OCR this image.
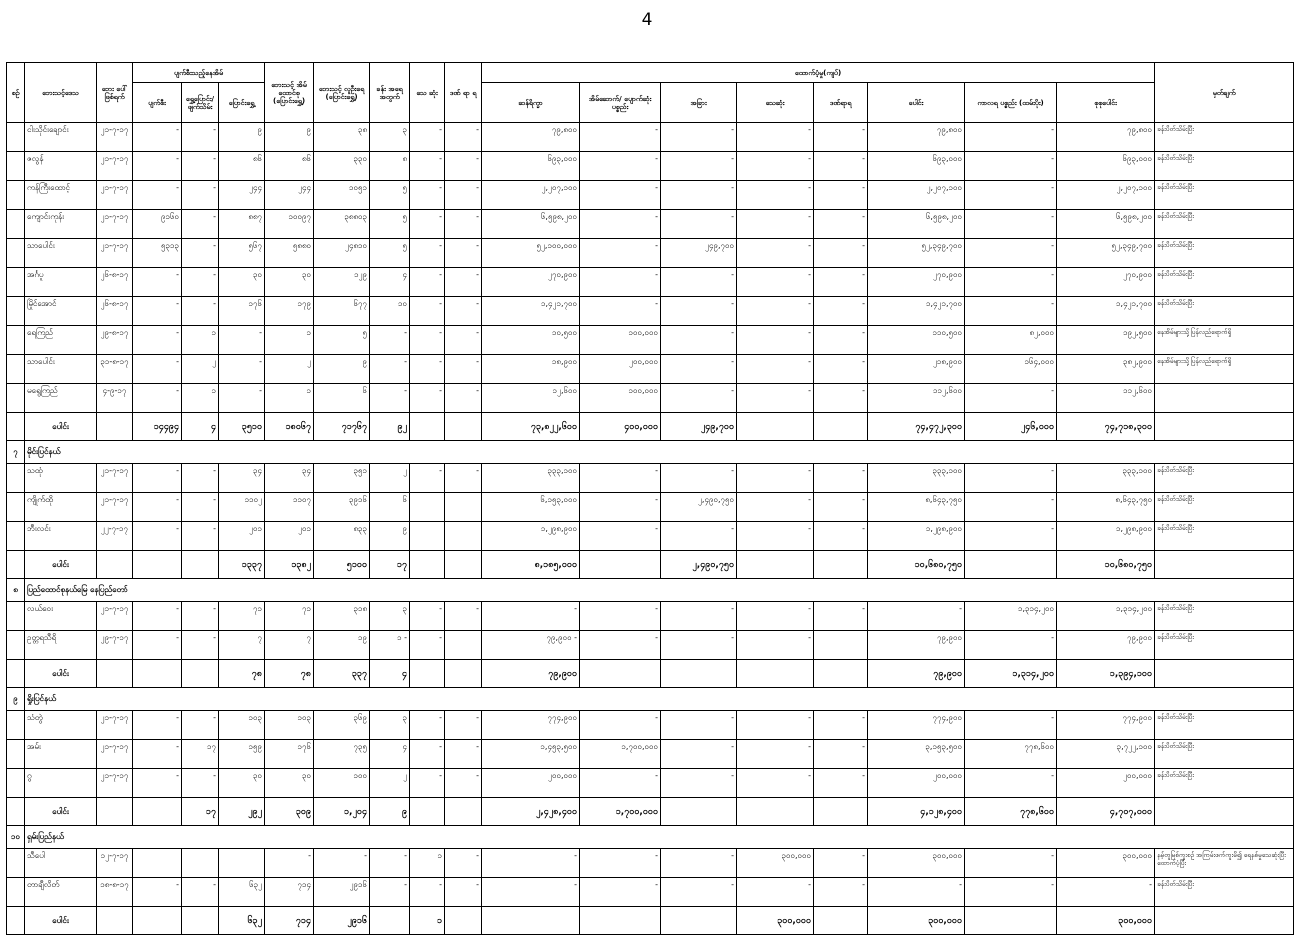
4
စဉ်	ဘေးသင့်ဒေသ	ဘေး ပေါ် ဖြစ်ရက်	ပျက်စီးသည့်နေအိမ်			ဘေးသင့် အိမ် ထောင်စု (ပြောင်းရွှေ့)	ဘေးသင့် လူဦးရေ (ပြောင်းရွှေ့)	ခန်း အရေ အတွက်	သေ ဆုံး	ဒဏ် ရာ ရ	ထောက်ပံ့မှု(ကျပ်)								မှတ်ချက်
			ပျက်စီး	ရွှေ့ပြောင်း/ ဖျက်သိမ်း	ပြောင်းရွှေ့						ဆန်ရိက္ခာ	အိမ်ဆောက်/ ပျောက်ဆုံး ပစ္စည်း	အခြား	သေဆုံး	ဒဏ်ရာရ	ပေါင်း	ကာလရ ပစ္စည်း (ထမ်းပိုး)	စုစုပေါင်း	
	ငါးသိုင်းချောင်း	၂၁-၇-၁၇	-	-	၉	၉	၃၈	၃	-	-	၇၉,၈၀၀	-	-	-	-	၇၉,၈၀၀	-	၇၉,၈၀၀	ခန်းပိတ်သိမ်းပြီး
	ဇလွန်	၂၁-၇-၁၇	-	-	၈၆	၈၆	၃၃၀	၈	-	-	၆၉၃,၀၀၀	-	-	-	-	၆၉၃,၀၀၀	-	၆၉၃,၀၀၀	ခန်းပိတ်သိမ်းပြီး
	ကန်ကြီးထောင့်	၂၁-၇-၁၇	-	-	၂၄၄	၂၄၄	၁၀၅၁	၅	-	-	၂,၂၀၇,၁၀၀	-	-	-	-	၂,၂၀၇,၁၀၀	-	၂,၂၀၇,၁၀၀	ခန်းပိတ်သိမ်းပြီး
	ကျောင်းကုန်း	၂၁-၇-၁၇	၉၁၆၀	-	၈၈၇	၁၀၀၉၇	၃၈၈၀၃	၅	-	-	၆,၅၉၈,၂၀၀	-	-	-	-	၆,၅၉၈,၂၀၀	-	၆,၅၉၈,၂၀၀	ခန်းပိတ်သိမ်းပြီး
	သာပေါင်း	၂၁-၇-၁၇	၅၃၁၃	-	၅၆၇	၅၈၈၀	၂၄၈၁၀	၅	-	-	၅၂,၁၀၀,၀၀၀	-	၂၄၉,၇၀၀	-	-	၅၂,၃၄၉,၇၀၀	-	၅၂,၃၄၉,၇၀၀	ခန်းပိတ်သိမ်းပြီး
	အင်္ဂပူ	၂၆-၈-၁၇	-	-	၃၀	၃၀	၁၂၉	၄	-	-	၂၇၀,၉၀၀	-	-	-	-	၂၇၀,၉၀၀	-	၂၇၀,၉၀၀	ခန်းပိတ်သိမ်းပြီး
	မြိုင်အောင်	၂၆-၈-၁၇	-	-	၁၇၆	၁၇၉	၆၇၇	၁၀	-	-	၁,၄၂၁,၇၀၀	-	-	-	-	၁,၄၂၁,၇၀၀	-	၁,၄၂၁,၇၀၀	ခန်းပိတ်သိမ်းပြီး
	ရေကြည်	၂၉-၈-၁၇	-	၁	-	၁	၅	-	-	-	၁၀,၅၀၀	၁၀၀,၀၀၀	-	-	-	၁၁၀,၅၀၀	၈၂,၀၀၀	၁၉၂,၅၀၀	နေအိမ်များသို့ပြန်လည်ရောက်ရှိ
	သာပေါင်း	၃၁-၈-၁၇	-	၂	-	၂	၉	-	-	-	၁၈,၉၀၀	၂၀၀,၀၀၀	-	-	-	၂၁၈,၉၀၀	၁၆၄,၀၀၀	၃၈၂,၉၀၀	နေအိမ်များသို့ပြန်လည်ရောက်ရှိ
	မရွေကြည်	၄-၉-၁၇	-	၁	-	၁	၆	-	-	-	၁၂,၆၀၀	၁၀၀,၀၀၀	-	-	-	၁၁၂,၆၀၀	-	၁၁၂,၆၀၀	
	ပေါင်း		၁၄၄၉၄	၄	၃၅၁၀	၁၈၀၆၇	၇၁၇၆၇	၉၂			၇၃,၈၂၂,၆၀၀	၄၀၀,၀၀၀	၂၄၉,၇၀၀			၇၄,၄၇၂,၃၀၀	၂၄၆,၀၀၀	၇၄,၇၁၈,၃၀၀	
၇	မိုင်းပြင်နယ်																		
	သထုံ	၂၁-၇-၁၇	-	-	၃၄	၃၄	၃၅၁	၂	-	-	၃၃၃,၁၀၀	-	-	-	-	၃၃၃,၁၀၀	-	၃၃၃,၁၀၀	ခန်းပိတ်သိမ်းပြီး
	ကျိုက်ထို	၂၁-၇-၁၇	-	-	၁၁၀၂	၁၁၀၇	၃၉၁၆	၆			၆,၁၅၃,၀၀၀	-	၂,၄၉၀,၇၅၀	-	-	၈,၆၄၃,၇၅၀	-	၈,၆၄၃,၇၅၀	ခန်းပိတ်သိမ်းပြီး
	ဘီးလင်း	၂၂-၇-၁၇	-	-	၂၀၁	၂၀၁	၈၃၃	၉			၁,၂၉၈,၉၀၀	-	-	-	-	၁,၂၉၈,၉၀၀	-	၁,၂၉၈,၉၀၀	ခန်းပိတ်သိမ်းပြီး
	ပေါင်း				၁၃၃၇	၁၃၈၂	၅၁၀၀	၁၇			၈,၁၈၅,၀၀၀		၂,၄၉၀,၇၅၀			၁၀,၆၈၀,၇၅၀		၁၀,၆၈၀,၇၅၀	
၈	ပြည်ထောင်စုနယ်မြေ နေပြည်တော်																		
	လယ်ဝေး	၂၁-၇-၁၇	-	-	၇၁	၇၁	၃၁၈	၃	-	-	-	-	-	-	-	-	၁,၃၁၄,၂၀၀	၁,၃၁၄,၂၀၀	ခန်းပိတ်သိမ်းပြီး
	ဥတ္တရသီရိ	၂၉-၇-၁၇	-	-	၇	၇	၁၉	၁ -	-		၇၉,၉၀၀ -	-	-	-		၇၉,၉၀၀	-	၇၉,၉၀၀	ခန်းပိတ်သိမ်းပြီး
	ပေါင်း				၇၈	၇၈	၃၃၇	၄			၇၉,၉၀၀					၇၉,၉၀၀	၁,၃၁၄,၂၀၀	၁,၃၉၄,၁၀၀	
၉	ရှိုးပြင်နယ်																		
	သံတွဲ	၂၁-၇-၁၇	-	-	၁၀၃	၁၀၃	၃၆၉	၃	-	-	၇၇၄,၉၀၀	-	-	-	-	၇၇၄,၉၀၀	-	၇၇၄,၉၀၀	ခန်းပိတ်သိမ်းပြီး
	အမ်း	၂၁-၇-၁၇	-	၁၇	၁၅၉	၁၇၆	၇၃၅	၄	-	-	၁,၄၅၃,၅၀၀	၁,၇၀၀,၀၀၀	-	-	-	၃,၁၅၃,၅၀၀	၇၇၈,၆၀၀	၃,၇၂၂,၁၀၀	ခန်းပိတ်သိမ်းပြီး
	ဂွ	၂၁-၇-၁၇	-	-	၃၀	၃၀	၁၀၀	၂	-	-	၂၀၀,၀၀၀	-	-	-	-	၂၀၀,၀၀၀	-	၂၀၀,၀၀၀	ခန်းပိတ်သိမ်းပြီး
	ပေါင်း			၁၇	၂၉၂	၃၀၉	၁,၂၀၄	၉			၂,၄၂၈,၄၀၀	၁,၇၀၀,၀၀၀				၄,၁၂၈,၄၀၀	၇၇၈,၆၀၀	၄,၇၀၇,၀၀၀	
၁၀	ရှမ်းပြည်နယ်																		
	သီပေါ	၁၂-၇-၁၇				-	-	-	၁	-	-	-	-	၃၀၀,၀၀၀	-	၃၀၀,၀၀၀	-	၃၀၀,၀၀၀	နမ့်တူမြစ်ကူးစဉ် အကြမ်းဖက်ကူးမိ၍ ရေနစ်မှုသေဆုံးပြီး ထောက်ပံ့ပြီး
	တာချီလိတ်	၁၈-၈-၁၇	-	-	၆၃၂	၇၁၄	၂၉၁၆	-	-	-	-	-	-	-	-	-	-	-	ခန်းပိတ်သိမ်းပြီး
	ပေါင်း				၆၃၂	၇၁၄	၂၉၁၆		၁					၃၀၀,၀၀၀		၃၀၀,၀၀၀		၃၀၀,၀၀၀	
